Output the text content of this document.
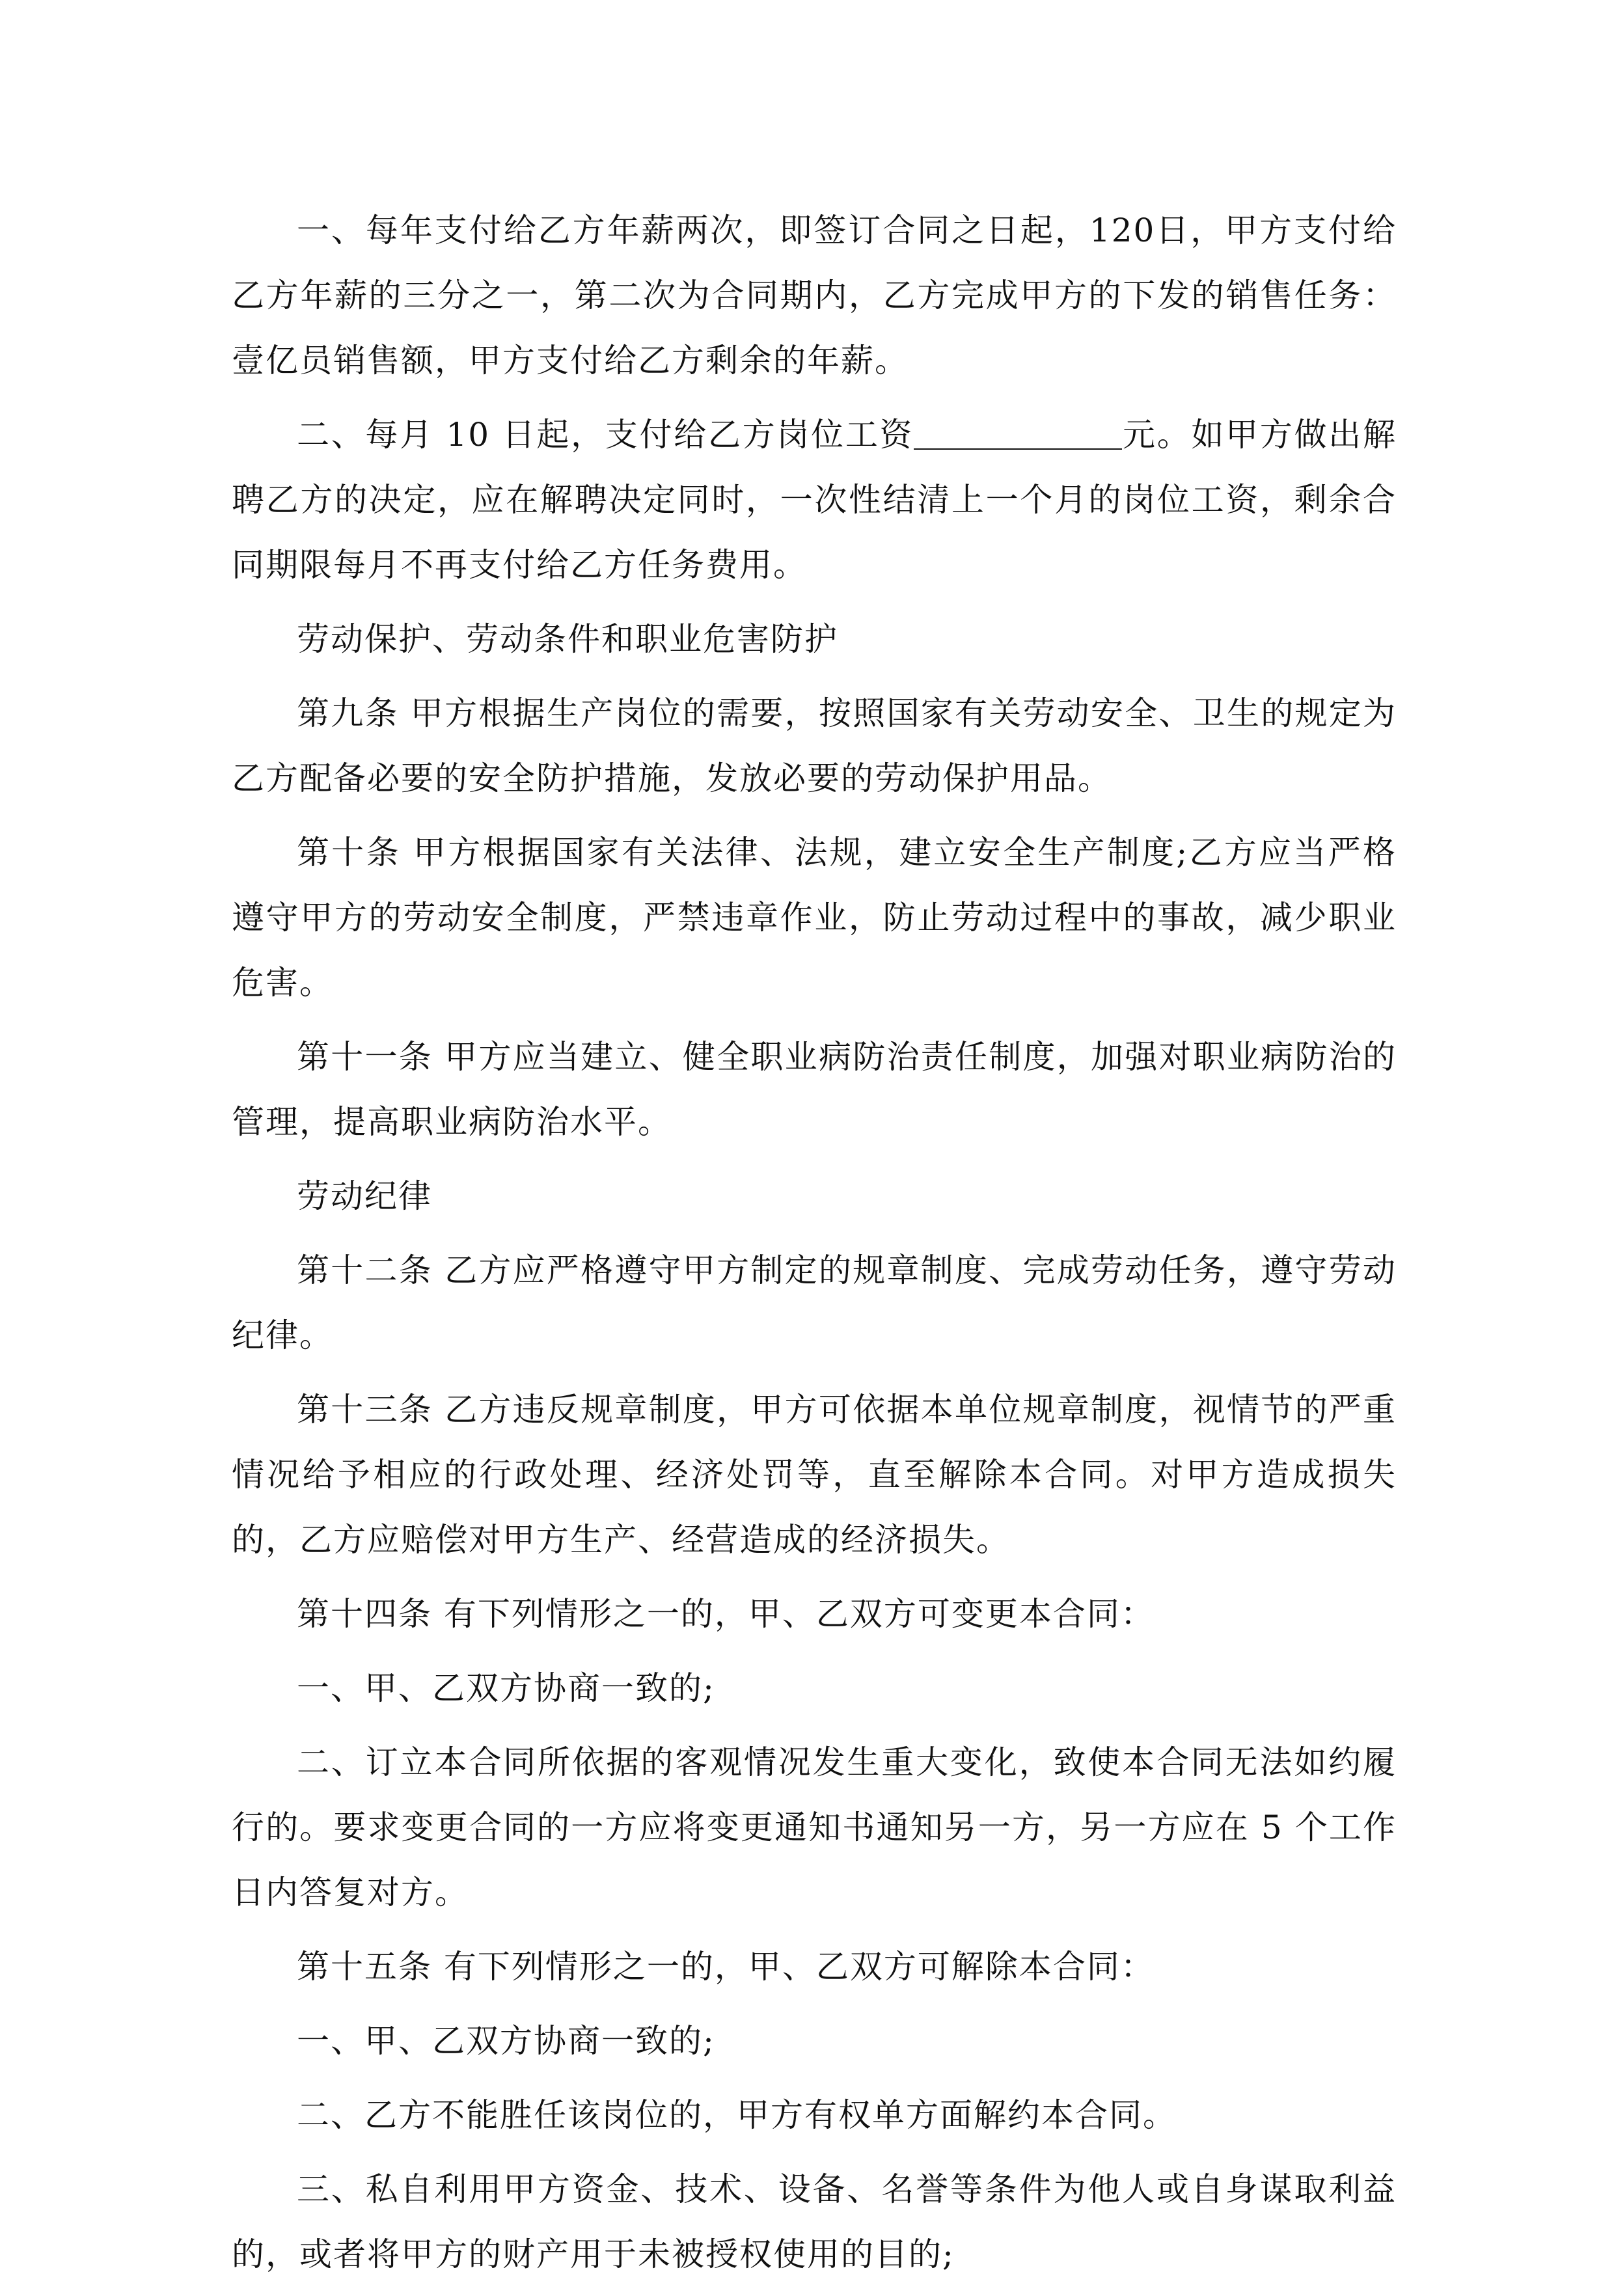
一、每年支付给乙方年薪两次，即签订合同之日起，120日，甲方支付给乙方年薪的三分之一，第二次为合同期内，乙方完成甲方的下发的销售任务：壹亿员销售额，甲方支付给乙方剩余的年薪。

二、每月 10 日起，支付给乙方岗位工资	元。如甲方做出解聘乙方的决定，应在解聘决定同时，一次性结清上一个月的岗位工资，剩余合同期限每月不再支付给乙方任务费用。

劳动保护、劳动条件和职业危害防护

第九条 甲方根据生产岗位的需要，按照国家有关劳动安全、卫生的规定为乙方配备必要的安全防护措施，发放必要的劳动保护用品。

第十条 甲方根据国家有关法律、法规，建立安全生产制度;乙方应当严格遵守甲方的劳动安全制度，严禁违章作业，防止劳动过程中的事故，减少职业危害。

第十一条 甲方应当建立、健全职业病防治责任制度，加强对职业病防治的管理，提高职业病防治水平。

劳动纪律

第十二条 乙方应严格遵守甲方制定的规章制度、完成劳动任务，遵守劳动纪律。

第十三条 乙方违反规章制度，甲方可依据本单位规章制度，视情节的严重情况给予相应的行政处理、经济处罚等，直至解除本合同。对甲方造成损失的，乙方应赔偿对甲方生产、经营造成的经济损失。

第十四条 有下列情形之一的，甲、乙双方可变更本合同：

一、甲、乙双方协商一致的;

二、订立本合同所依据的客观情况发生重大变化，致使本合同无法如约履行的。要求变更合同的一方应将变更通知书通知另一方，另一方应在 5 个工作日内答复对方。

第十五条 有下列情形之一的，甲、乙双方可解除本合同：

一、甲、乙双方协商一致的;

二、乙方不能胜任该岗位的，甲方有权单方面解约本合同。

三、私自利用甲方资金、技术、设备、名誉等条件为他人或自身谋取利益的，或者将甲方的财产用于未被授权使用的目的;
